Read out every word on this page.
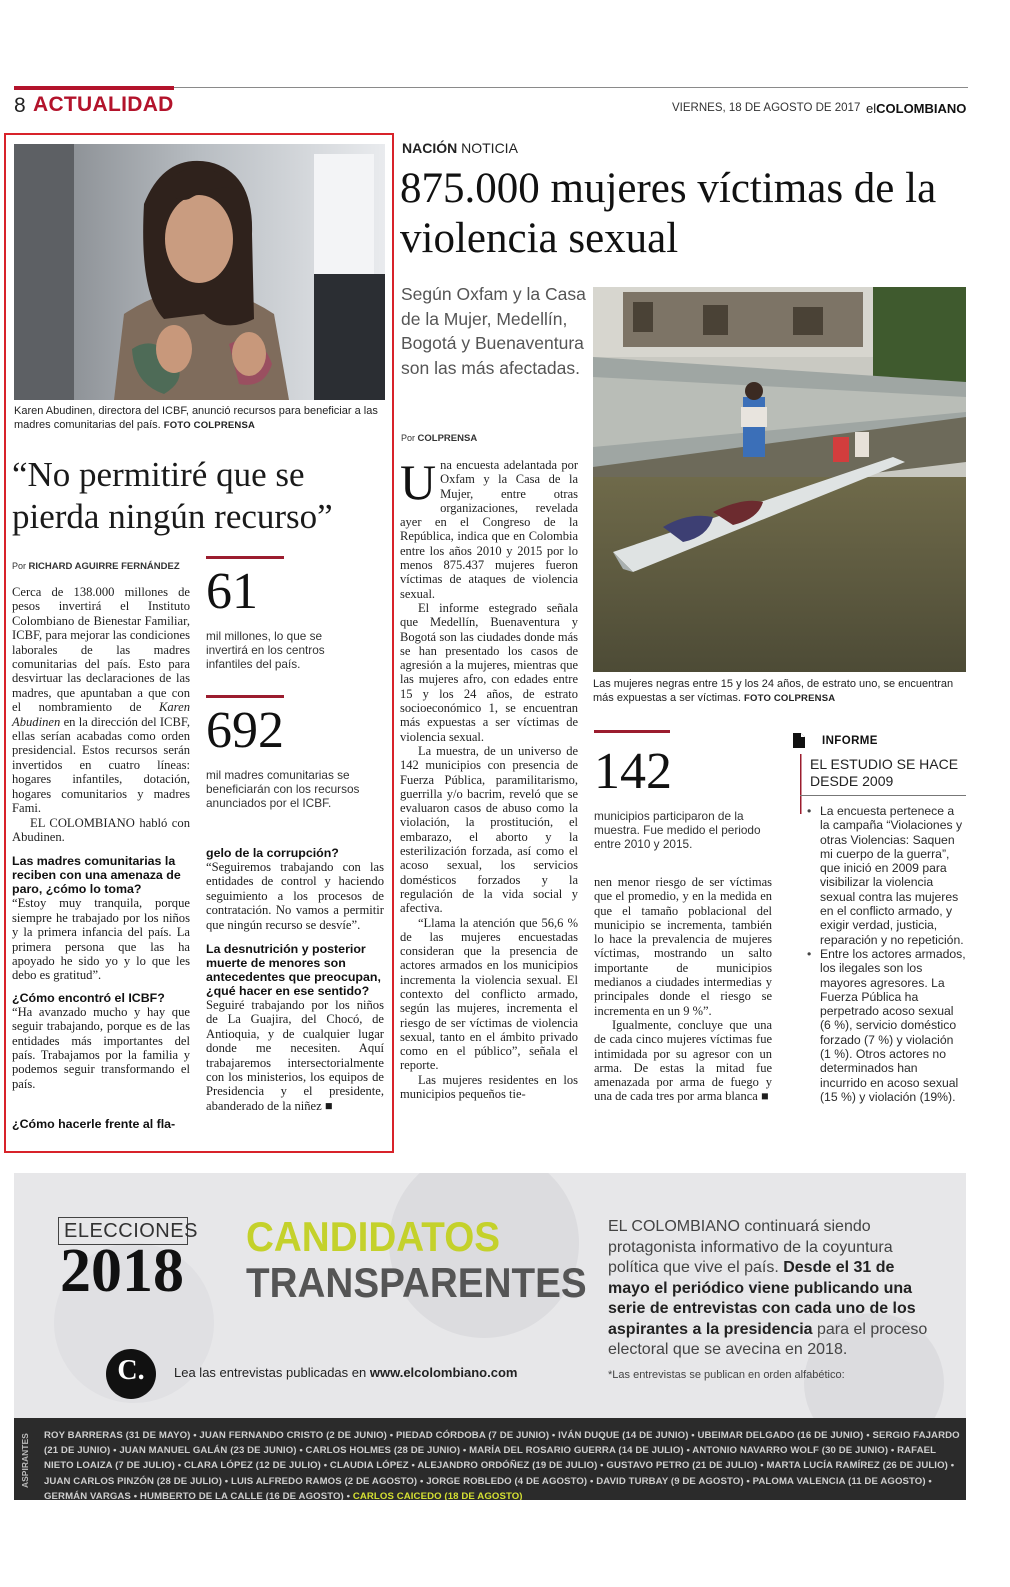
8 ACTUALIDAD	VIERNES, 18 DE AGOSTO DE 2017 elCOLOMBIANO
Karen Abudinen, directora del ICBF, anunció recursos para beneficiar a las madres comunitarias del país. FOTO COLPRENSA
“No permitiré que se pierda ningún recurso”
Por RICHARD AGUIRRE FERNÁNDEZ

Cerca de 138.000 millones de pesos invertirá el Instituto Colombiano de Bienestar Familiar, ICBF, para mejorar las condiciones laborales de las madres comunitarias del país. Esto para desvirtuar las declaraciones de las madres, que apuntaban a que con el nombramiento de Karen Abudinen en la dirección del ICBF, ellas serían acabadas como orden presidencial. Estos recursos serán invertidos en cuatro líneas: hogares infantiles, dotación, hogares comunitarios y madres Fami.

EL COLOMBIANO habló con Abudinen.

Las madres comunitarias la reciben con una amenaza de paro, ¿cómo lo toma?

“Estoy muy tranquila, porque siempre he trabajado por los niños y la primera infancia del país. La primera persona que las ha apoyado he sido yo y lo que les debo es gratitud”.

¿Cómo encontró el ICBF?

“Ha avanzado mucho y hay que seguir trabajando, porque es de las entidades más importantes del país. Trabajamos por la familia y podemos seguir transformando el país.

¿Cómo hacerle frente al fla-
61
mil millones, lo que se invertirá en los centros infantiles del país.
692
mil madres comunitarias se beneficiarán con los recursos anunciados por el ICBF.

gelo de la corrupción?

“Seguiremos trabajando con las entidades de control y haciendo seguimiento a los procesos de contratación. No vamos a permitir que ningún recurso se desvíe”.

La desnutrición y posterior muerte de menores son antecedentes que preocupan, ¿qué hacer en ese sentido?

Seguiré trabajando por los niños de La Guajira, del Chocó, de Antioquia, y de cualquier lugar donde me necesiten. Aquí trabajaremos intersectorialmente con los ministerios, los equipos de Presidencia y el presidente, abanderado de la niñez ■

NACIÓN NOTICIA
875.000 mujeres víctimas de la violencia sexual
Según Oxfam y la Casa de la Mujer, Medellín, Bogotá y Buenaventura son las más afectadas.
Las mujeres negras entre 15 y los 24 años, de estrato uno, se encuentran más expuestas a ser víctimas. FOTO COLPRENSA
Por COLPRENSA

Una encuesta adelantada por Oxfam y la Casa de la Mujer, entre otras organizaciones, revelada ayer en el Congreso de la República, indica que en Colombia entre los años 2010 y 2015 por lo menos 875.437 mujeres fueron víctimas de ataques de violencia sexual.

El informe estegrado señala que Medellín, Buenaventura y Bogotá son las ciudades donde más se han presentado los casos de agresión a la mujeres, mientras que las mujeres afro, con edades entre 15 y los 24 años, de estrato socioeconómico 1, se encuentran más expuestas a ser víctimas de violencia sexual.

La muestra, de un universo de 142 municipios con presencia de Fuerza Pública, paramilitarismo, guerrilla y/o bacrim, reveló que se evaluaron casos de abuso como la violación, la prostitución, el embarazo, el aborto y la esterilización forzada, así como el acoso sexual, los servicios domésticos forzados y la regulación de la vida social y afectiva.

“Llama la atención que 56,6 % de las mujeres encuestadas consideran que la presencia de actores armados en los municipios incrementa la violencia sexual. El contexto del conflicto armado, según las mujeres, incrementa el riesgo de ser víctimas de violencia sexual, tanto en el ámbito privado como en el público”, señala el reporte.

Las mujeres residentes en los municipios pequeños tie-

142
municipios participaron de la muestra. Fue medido el periodo entre 2010 y 2015.

nen menor riesgo de ser víctimas que el promedio, y en la medida en que el tamaño poblacional del municipio se incrementa, también lo hace la prevalencia de mujeres víctimas, mostrando un salto importante de municipios medianos a ciudades intermedias y principales donde el riesgo se incrementa en un 9 %”.

Igualmente, concluye que una de cada cinco mujeres víctimas fue intimidada por su agresor con un arma. De estas la mitad fue amenazada por arma de fuego y una de cada tres por arma blanca ■

INFORME
EL ESTUDIO SE HACE DESDE 2009
• La encuesta pertenece a la campaña “Violaciones y otras Violencias: Saquen mi cuerpo de la guerra”, que inició en 2009 para visibilizar la violencia sexual contra las mujeres en el conflicto armado, y exigir verdad, justicia, reparación y no repetición.
• Entre los actores armados, los ilegales son los mayores agresores. La Fuerza Pública ha perpetrado acoso sexual (6 %), servicio doméstico forzado (7 %) y violación (1 %). Otros actores no determinados han incurrido en acoso sexual (15 %) y violación (19%).
ELECCIONES
2018
CANDIDATOS
TRANSPARENTES
EL COLOMBIANO continuará siendo protagonista informativo de la coyuntura política que vive el país. Desde el 31 de mayo el periódico viene publicando una serie de entrevistas con cada uno de los aspirantes a la presidencia para el proceso electoral que se avecina en 2018.
*Las entrevistas se publican en orden alfabético:
C.	Lea las entrevistas publicadas en www.elcolombiano.com
ASPIRANTES ROY BARRERAS (31 DE MAYO) • JUAN FERNANDO CRISTO (2 DE JUNIO) • PIEDAD CÓRDOBA (7 DE JUNIO) • IVÁN DUQUE (14 DE JUNIO) • UBEIMAR DELGADO (16 DE JUNIO) • SERGIO FAJARDO (21 DE JUNIO) • JUAN MANUEL GALÁN (23 DE JUNIO) • CARLOS HOLMES (28 DE JUNIO) • MARÍA DEL ROSARIO GUERRA (14 DE JULIO) • ANTONIO NAVARRO WOLF (30 DE JUNIO) • RAFAEL NIETO LOAIZA (7 DE JULIO) • CLARA LÓPEZ (12 DE JULIO) • CLAUDIA LÓPEZ • ALEJANDRO ORDÓÑEZ (19 DE JULIO) • GUSTAVO PETRO (21 DE JULIO) • MARTA LUCÍA RAMÍREZ (26 DE JULIO) • JUAN CARLOS PINZÓN (28 DE JULIO) • LUIS ALFREDO RAMOS (2 DE AGOSTO) • JORGE ROBLEDO (4 DE AGOSTO) • DAVID TURBAY (9 DE AGOSTO) • PALOMA VALENCIA (11 DE AGOSTO) • GERMÁN VARGAS • HUMBERTO DE LA CALLE (16 DE AGOSTO) • CARLOS CAICEDO (18 DE AGOSTO)
